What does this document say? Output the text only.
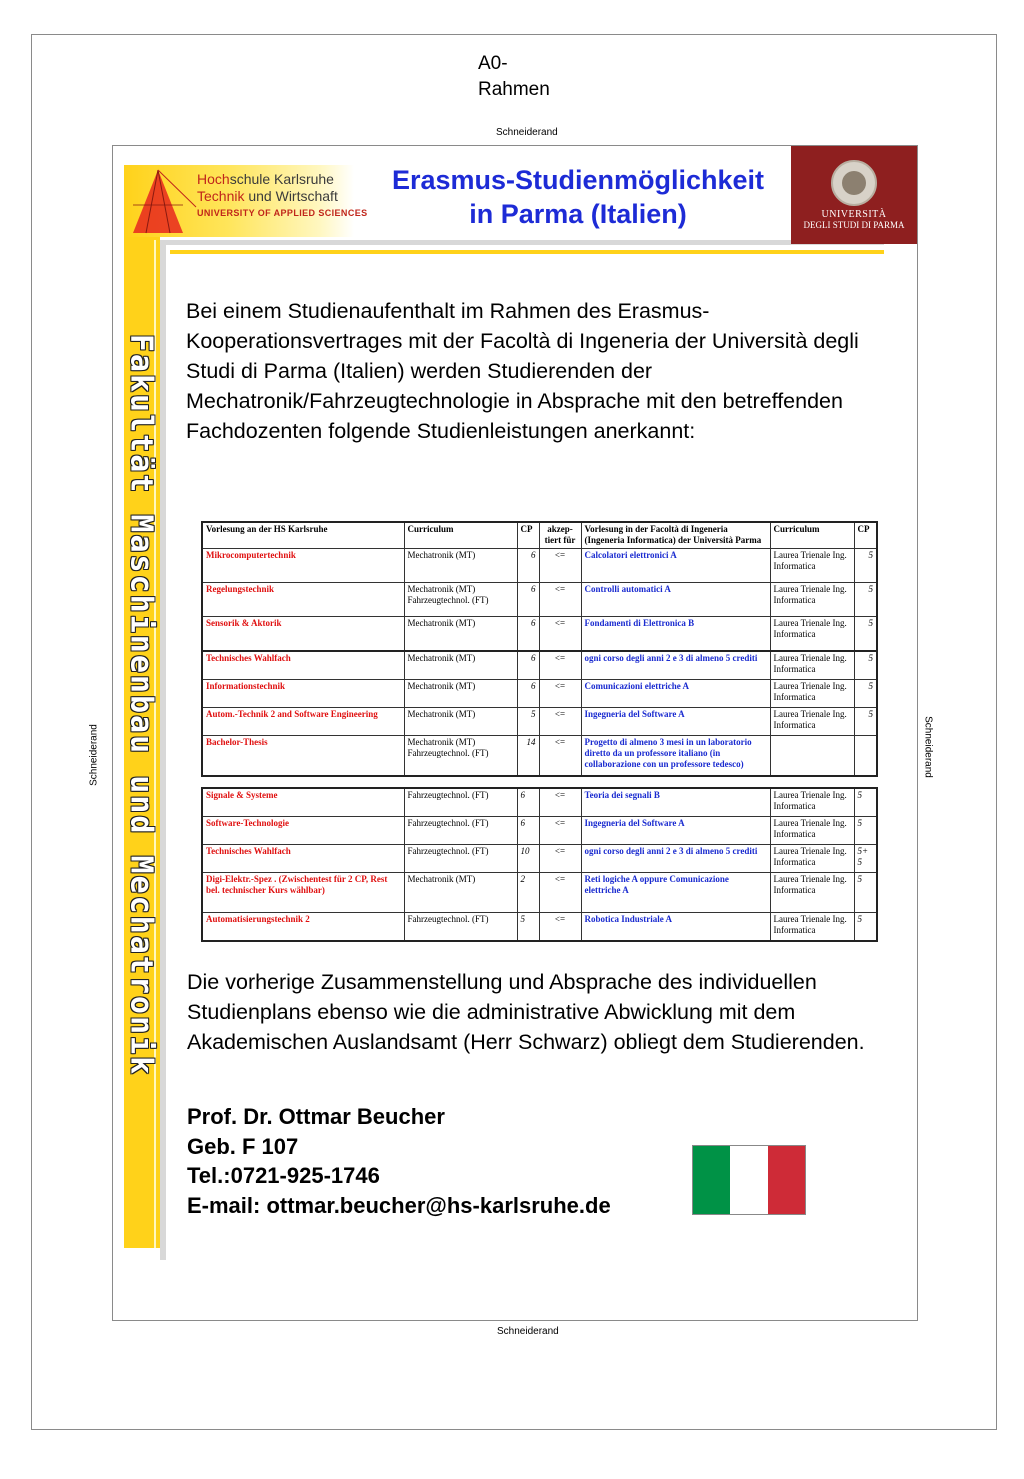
A0-
Rahmen
Schneiderand
Schneiderand
Schneiderand	Schneiderand
Hochschule Karlsruhe
Technik und Wirtschaft
UNIVERSITY OF APPLIED SCIENCES
Fakultät Maschinenbau und Mechatronik
Erasmus-Studienmöglichkeit
in Parma (Italien)	UNIVERSITÀ
DEGLI STUDI DI PARMA
Bei einem Studienaufenthalt im Rahmen des Erasmus-Kooperationsvertrages mit der Facoltà di Ingeneria der Università degli Studi di Parma (Italien) werden Studierenden der Mechatronik/Fahrzeugtechnologie in Absprache mit den betreffenden Fachdozenten folgende Studienleistungen anerkannt:
Vorlesung an der HS Karlsruhe	Curriculum	CP	akzep-tiert für	Vorlesung in der Facoltà di Ingeneria (Ingeneria Informatica) der Università Parma	Curriculum	CP
Mikrocomputertechnik	Mechatronik (MT)	6	<=	Calcolatori elettronici A	Laurea Trienale Ing. Informatica	5
Regelungstechnik	Mechatronik (MT) Fahrzeugtechnol. (FT)	6	<=	Controlli automatici A	Laurea Trienale Ing. Informatica	5
Sensorik & Aktorik	Mechatronik (MT)	6	<=	Fondamenti di Elettronica B	Laurea Trienale Ing. Informatica	5
Technisches Wahlfach	Mechatronik (MT)	6	<=	ogni corso degli anni 2 e 3 di almeno 5 crediti	Laurea Trienale Ing. Informatica	5
Informationstechnik	Mechatronik (MT)	6	<=	Comunicazioni elettriche A	Laurea Trienale Ing. Informatica	5
Autom.-Technik 2 and Software Engineering	Mechatronik (MT)	5	<=	Ingegneria del Software A	Laurea Trienale Ing. Informatica	5
Bachelor-Thesis	Mechatronik (MT) Fahrzeugtechnol. (FT)	14	<=	Progetto di almeno 3 mesi in un laboratorio diretto da un professore italiano (in collaborazione con un professore tedesco)		
Signale & Systeme	Fahrzeugtechnol. (FT)	6	<=	Teoria dei segnali B	Laurea Trienale Ing. Informatica	5
Software-Technologie	Fahrzeugtechnol. (FT)	6	<=	Ingegneria del Software A	Laurea Trienale Ing. Informatica	5
Technisches Wahlfach	Fahrzeugtechnol. (FT)	10	<=	ogni corso degli anni 2 e 3 di almeno 5 crediti	Laurea Trienale Ing. Informatica	5+ 5
Digi-Elektr.-Spez . (Zwischentest für 2 CP, Rest bel. technischer Kurs wählbar)	Mechatronik (MT)	2	<=	Reti logiche A oppure Comunicazione elettriche A	Laurea Trienale Ing. Informatica	5
Automatisierungstechnik 2	Fahrzeugtechnol. (FT)	5	<=	Robotica Industriale A	Laurea Trienale Ing. Informatica	5
Die vorherige Zusammenstellung und Absprache des individuellen Studienplans ebenso wie die administrative Abwicklung mit dem Akademischen Auslandsamt (Herr Schwarz) obliegt dem Studierenden.
Prof. Dr. Ottmar Beucher
Geb. F 107
Tel.:0721-925-1746
E-mail: ottmar.beucher@hs-karlsruhe.de
